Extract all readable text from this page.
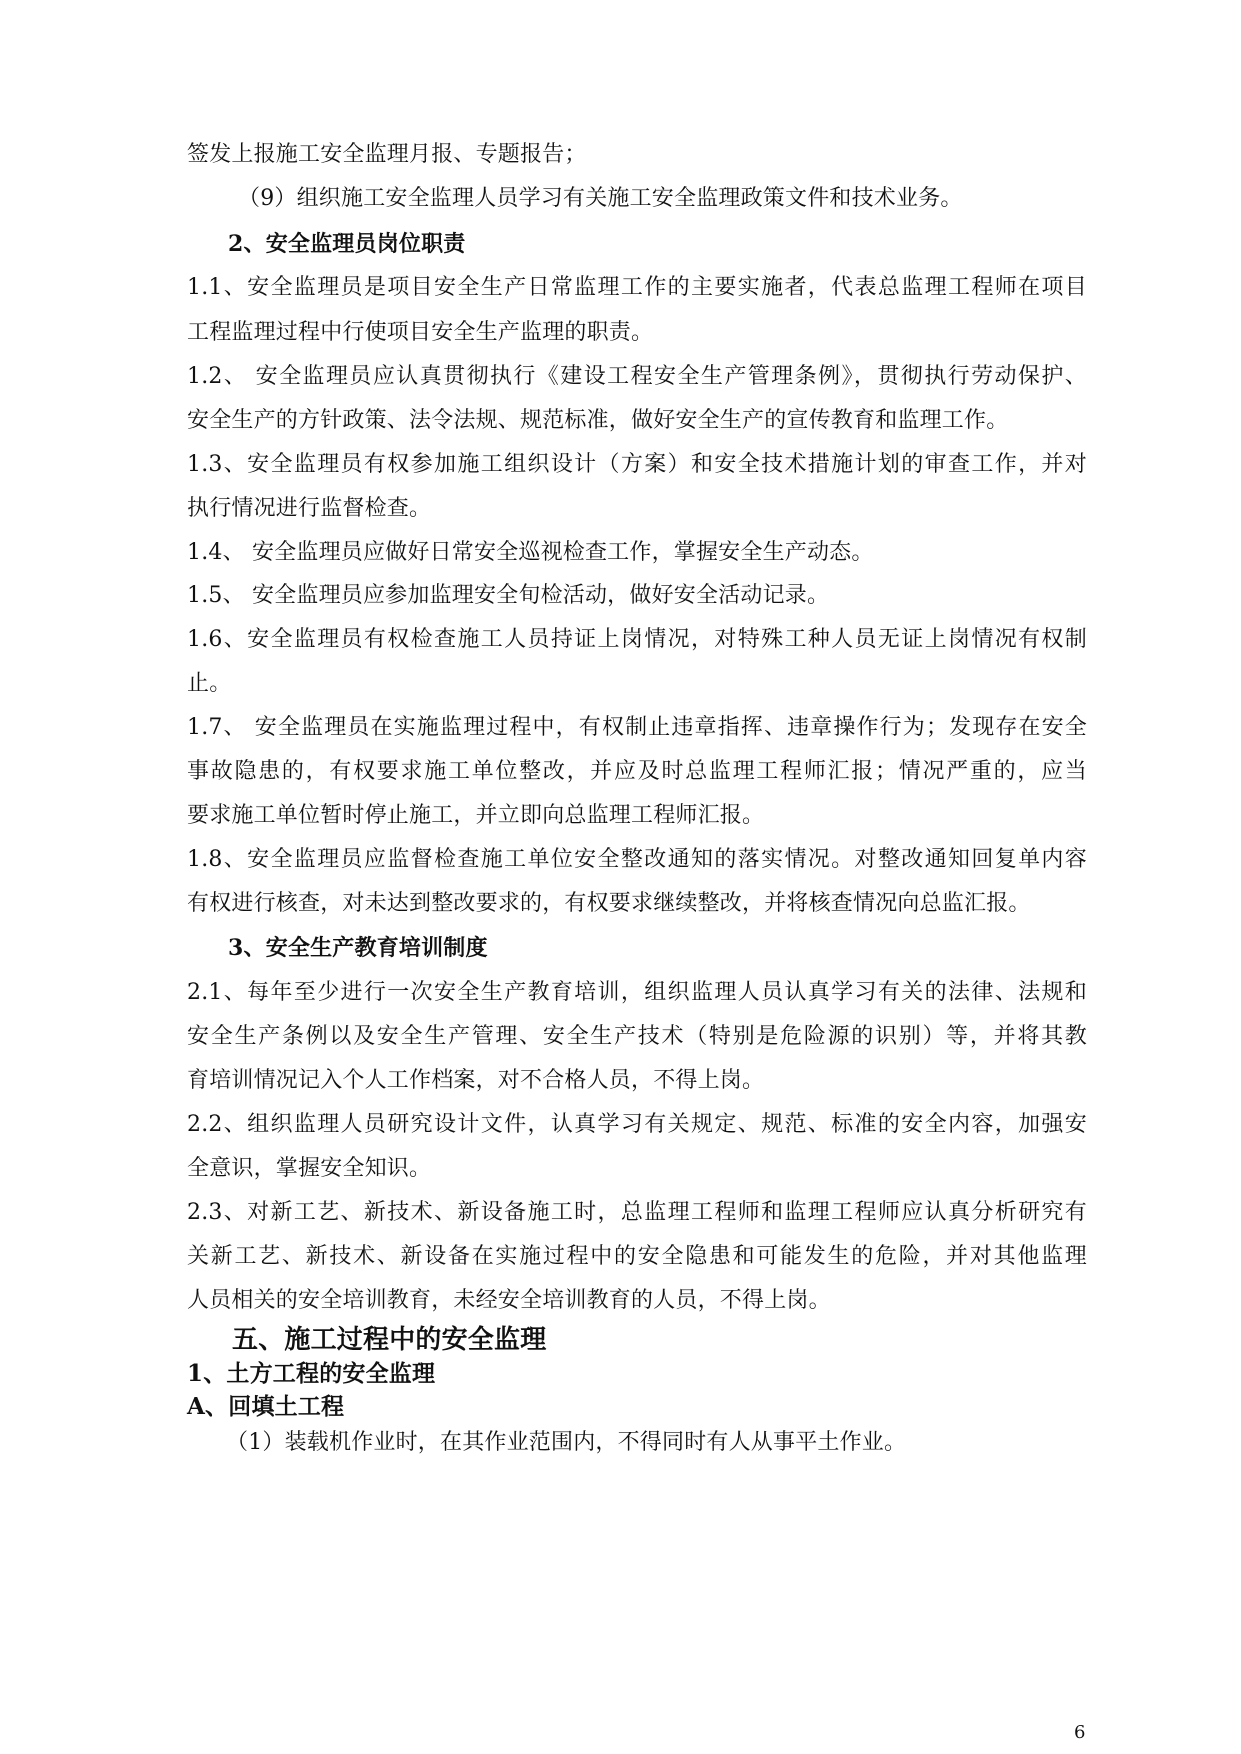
签发上报施工安全监理月报、专题报告；

（9）组织施工安全监理人员学习有关施工安全监理政策文件和技术业务。

2、安全监理员岗位职责

1.1、安全监理员是项目安全生产日常监理工作的主要实施者，代表总监理工程师在项目

工程监理过程中行使项目安全生产监理的职责。

1.2、 安全监理员应认真贯彻执行《建设工程安全生产管理条例》，贯彻执行劳动保护、

安全生产的方针政策、法令法规、规范标准，做好安全生产的宣传教育和监理工作。

1.3、安全监理员有权参加施工组织设计（方案）和安全技术措施计划的审查工作，并对

执行情况进行监督检查。

1.4、 安全监理员应做好日常安全巡视检查工作，掌握安全生产动态。

1.5、 安全监理员应参加监理安全旬检活动，做好安全活动记录。

1.6、安全监理员有权检查施工人员持证上岗情况，对特殊工种人员无证上岗情况有权制

止。

1.7、 安全监理员在实施监理过程中，有权制止违章指挥、违章操作行为；发现存在安全

事故隐患的，有权要求施工单位整改，并应及时总监理工程师汇报；情况严重的，应当

要求施工单位暂时停止施工，并立即向总监理工程师汇报。

1.8、安全监理员应监督检查施工单位安全整改通知的落实情况。对整改通知回复单内容

有权进行核查，对未达到整改要求的，有权要求继续整改，并将核查情况向总监汇报。

3、安全生产教育培训制度

2.1、每年至少进行一次安全生产教育培训，组织监理人员认真学习有关的法律、法规和

安全生产条例以及安全生产管理、安全生产技术（特别是危险源的识别）等，并将其教

育培训情况记入个人工作档案，对不合格人员，不得上岗。

2.2、组织监理人员研究设计文件，认真学习有关规定、规范、标准的安全内容，加强安

全意识，掌握安全知识。

2.3、对新工艺、新技术、新设备施工时，总监理工程师和监理工程师应认真分析研究有

关新工艺、新技术、新设备在实施过程中的安全隐患和可能发生的危险，并对其他监理

人员相关的安全培训教育，未经安全培训教育的人员，不得上岗。

五、施工过程中的安全监理

1、土方工程的安全监理

A、回填土工程

（1）装载机作业时，在其作业范围内，不得同时有人从事平土作业。

6
